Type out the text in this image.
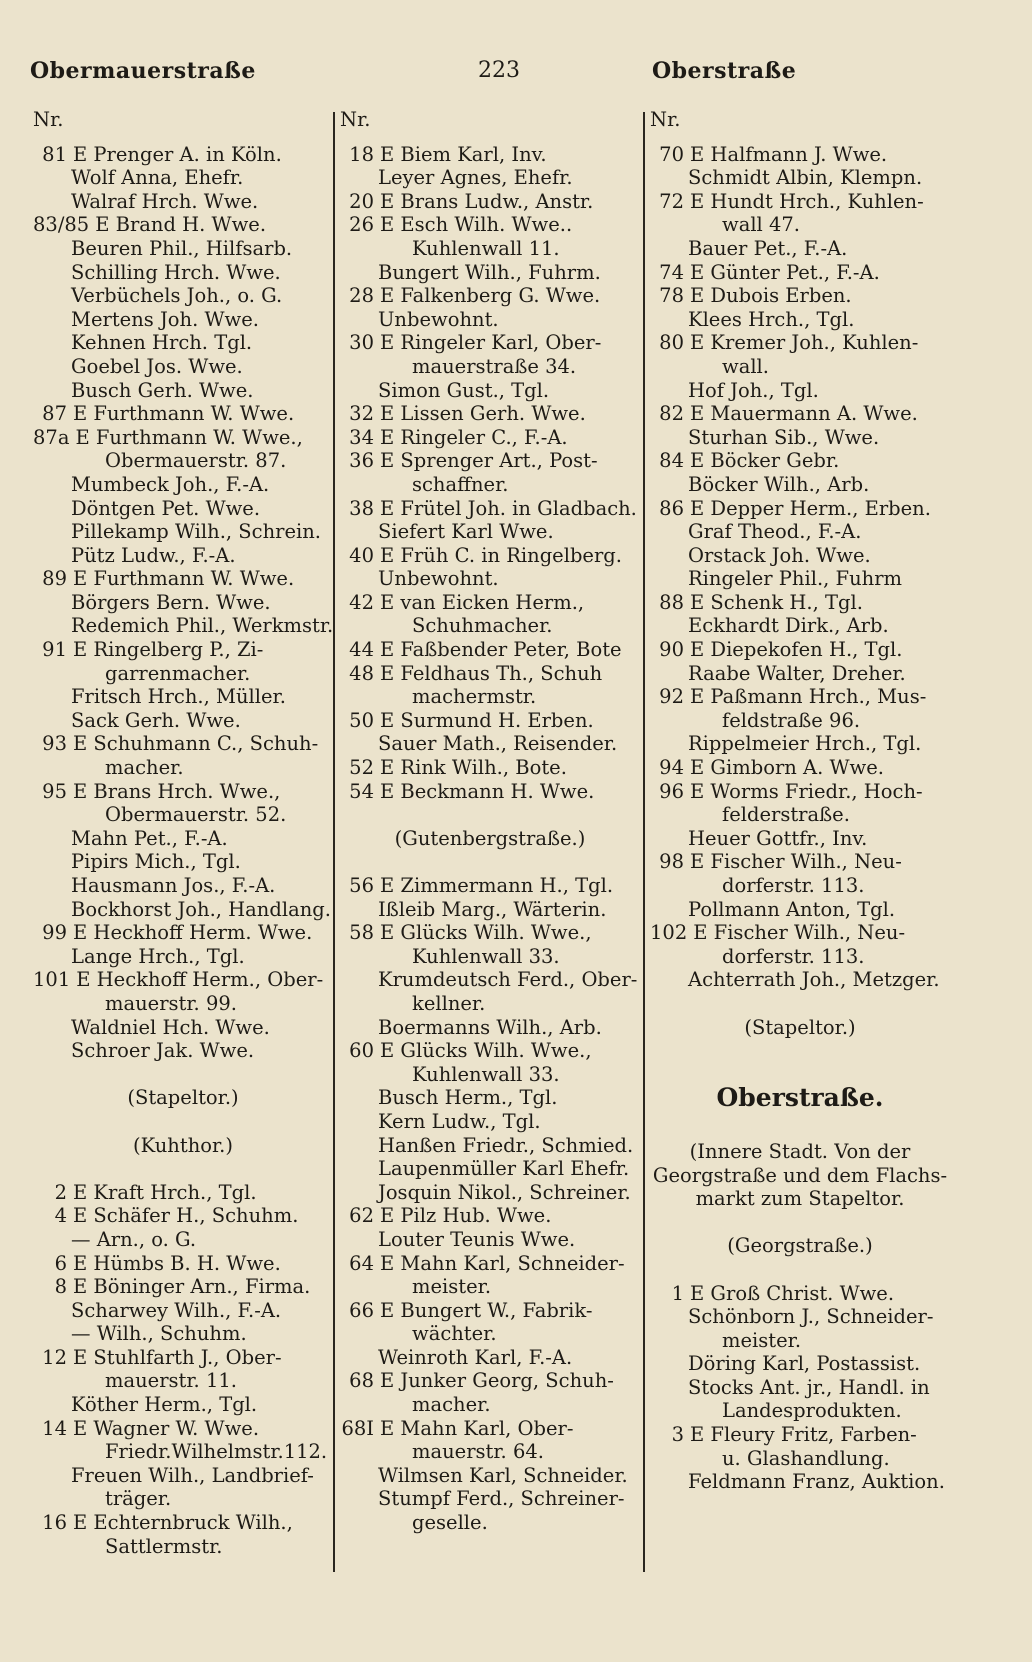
Obermauerstraße	223	Oberstraße
Nr.
81 E Prenger A. in Köln.
Wolf Anna, Ehefr.
Walraf Hrch. Wwe.
83/85 E Brand H. Wwe.
Beuren Phil., Hilfsarb.
Schilling Hrch. Wwe.
Verbüchels Joh., o. G.
Mertens Joh. Wwe.
Kehnen Hrch. Tgl.
Goebel Jos. Wwe.
Busch Gerh. Wwe.
87 E Furthmann W. Wwe.
87a E Furthmann W. Wwe.,
Obermauerstr. 87.
Mumbeck Joh., F.-A.
Döntgen Pet. Wwe.
Pillekamp Wilh., Schrein.
Pütz Ludw., F.-A.
89 E Furthmann W. Wwe.
Börgers Bern. Wwe.
Redemich Phil., Werkmstr.
91 E Ringelberg P., Zi-
garrenmacher.
Fritsch Hrch., Müller.
Sack Gerh. Wwe.
93 E Schuhmann C., Schuh-
macher.
95 E Brans Hrch. Wwe.,
Obermauerstr. 52.
Mahn Pet., F.-A.
Pipirs Mich., Tgl.
Hausmann Jos., F.-A.
Bockhorst Joh., Handlang.
99 E Heckhoff Herm. Wwe.
Lange Hrch., Tgl.
101 E Heckhoff Herm., Ober-
mauerstr. 99.
Waldniel Hch. Wwe.
Schroer Jak. Wwe.
(Stapeltor.)
(Kuhthor.)
2 E Kraft Hrch., Tgl.
4 E Schäfer H., Schuhm.
— Arn., o. G.
6 E Hümbs B. H. Wwe.
8 E Böninger Arn., Firma.
Scharwey Wilh., F.-A.
— Wilh., Schuhm.
12 E Stuhlfarth J., Ober-
mauerstr. 11.
Köther Herm., Tgl.
14 E Wagner W. Wwe.
Friedr.Wilhelmstr.112.
Freuen Wilh., Landbrief-
träger.
16 E Echternbruck Wilh.,
Sattlermstr.
Nr.
18 E Biem Karl, Inv.
Leyer Agnes, Ehefr.
20 E Brans Ludw., Anstr.
26 E Esch Wilh. Wwe..
Kuhlenwall 11.
Bungert Wilh., Fuhrm.
28 E Falkenberg G. Wwe.
Unbewohnt.
30 E Ringeler Karl, Ober-
mauerstraße 34.
Simon Gust., Tgl.
32 E Lissen Gerh. Wwe.
34 E Ringeler C., F.-A.
36 E Sprenger Art., Post-
schaffner.
38 E Frütel Joh. in Gladbach.
Siefert Karl Wwe.
40 E Früh C. in Ringelberg.
Unbewohnt.
42 E van Eicken Herm.,
Schuhmacher.
44 E Faßbender Peter, Bote
48 E Feldhaus Th., Schuh
machermstr.
50 E Surmund H. Erben.
Sauer Math., Reisender.
52 E Rink Wilh., Bote.
54 E Beckmann H. Wwe.
(Gutenbergstraße.)
56 E Zimmermann H., Tgl.
Ißleib Marg., Wärterin.
58 E Glücks Wilh. Wwe.,
Kuhlenwall 33.
Krumdeutsch Ferd., Ober-
kellner.
Boermanns Wilh., Arb.
60 E Glücks Wilh. Wwe.,
Kuhlenwall 33.
Busch Herm., Tgl.
Kern Ludw., Tgl.
Hanßen Friedr., Schmied.
Laupenmüller Karl Ehefr.
Josquin Nikol., Schreiner.
62 E Pilz Hub. Wwe.
Louter Teunis Wwe.
64 E Mahn Karl, Schneider-
meister.
66 E Bungert W., Fabrik-
wächter.
Weinroth Karl, F.-A.
68 E Junker Georg, Schuh-
macher.
68I E Mahn Karl, Ober-
mauerstr. 64.
Wilmsen Karl, Schneider.
Stumpf Ferd., Schreiner-
geselle.
Nr.
70 E Halfmann J. Wwe.
Schmidt Albin, Klempn.
72 E Hundt Hrch., Kuhlen-
wall 47.
Bauer Pet., F.-A.
74 E Günter Pet., F.-A.
78 E Dubois Erben.
Klees Hrch., Tgl.
80 E Kremer Joh., Kuhlen-
wall.
Hof Joh., Tgl.
82 E Mauermann A. Wwe.
Sturhan Sib., Wwe.
84 E Böcker Gebr.
Böcker Wilh., Arb.
86 E Depper Herm., Erben.
Graf Theod., F.-A.
Orstack Joh. Wwe.
Ringeler Phil., Fuhrm
88 E Schenk H., Tgl.
Eckhardt Dirk., Arb.
90 E Diepekofen H., Tgl.
Raabe Walter, Dreher.
92 E Paßmann Hrch., Mus-
feldstraße 96.
Rippelmeier Hrch., Tgl.
94 E Gimborn A. Wwe.
96 E Worms Friedr., Hoch-
felderstraße.
Heuer Gottfr., Inv.
98 E Fischer Wilh., Neu-
dorferstr. 113.
Pollmann Anton, Tgl.
102 E Fischer Wilh., Neu-
dorferstr. 113.
Achterrath Joh., Metzger.
(Stapeltor.)
Oberstraße.
(Innere Stadt. Von der
Georgstraße und dem Flachs-
markt zum Stapeltor.
(Georgstraße.)
1 E Groß Christ. Wwe.
Schönborn J., Schneider-
meister.
Döring Karl, Postassist.
Stocks Ant. jr., Handl. in
Landesprodukten.
3 E Fleury Fritz, Farben-
u. Glashandlung.
Feldmann Franz, Auktion.
